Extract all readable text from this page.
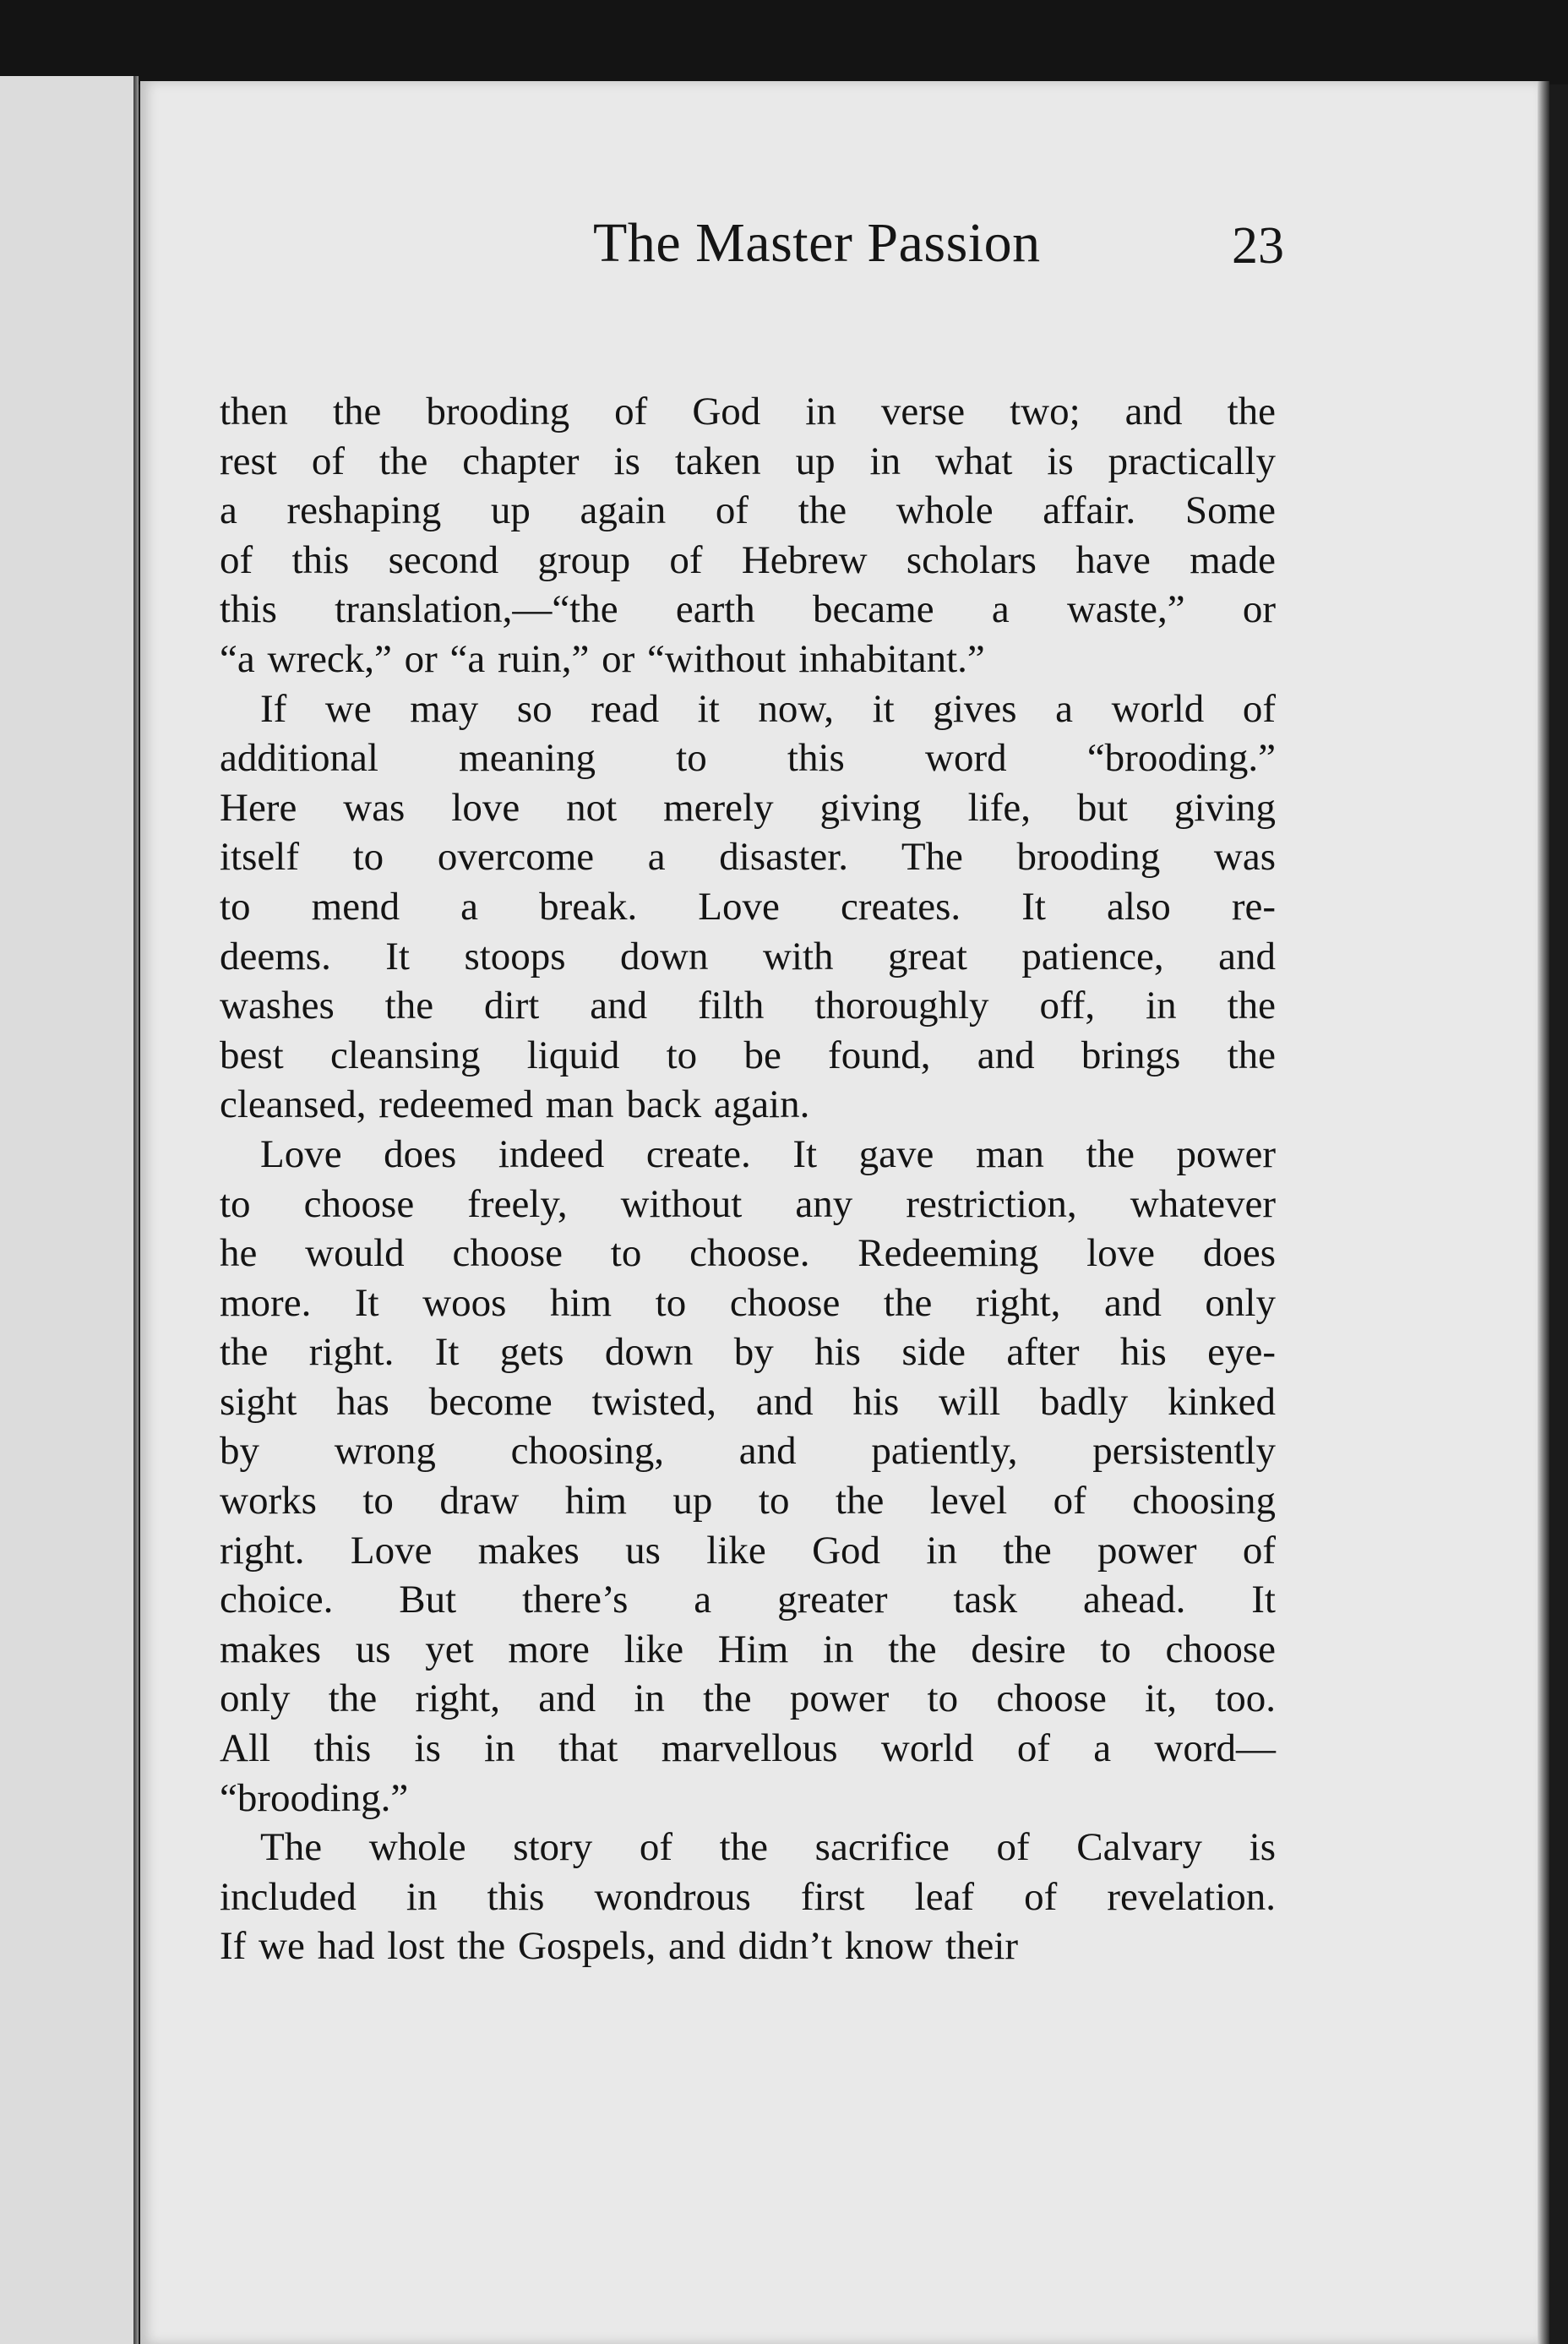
The Master Passion	23

then the brooding of God in verse two; and the
rest of the chapter is taken up in what is practically
a reshaping up again of the whole affair. Some
of this second group of Hebrew scholars have made
this translation,—“the earth became a waste,” or
“a wreck,” or “a ruin,” or “without inhabitant.”

If we may so read it now, it gives a world of
additional meaning to this word “brooding.”
Here was love not merely giving life, but giving
itself to overcome a disaster. The brooding was
to mend a break. Love creates. It also re-
deems. It stoops down with great patience, and
washes the dirt and filth thoroughly off, in the
best cleansing liquid to be found, and brings the
cleansed, redeemed man back again.

Love does indeed create. It gave man the power
to choose freely, without any restriction, whatever
he would choose to choose. Redeeming love does
more. It woos him to choose the right, and only
the right. It gets down by his side after his eye-
sight has become twisted, and his will badly kinked
by wrong choosing, and patiently, persistently
works to draw him up to the level of choosing
right. Love makes us like God in the power of
choice. But there’s a greater task ahead. It
makes us yet more like Him in the desire to choose
only the right, and in the power to choose it, too.
All this is in that marvellous world of a word—
“brooding.”

The whole story of the sacrifice of Calvary is
included in this wondrous first leaf of revelation.
If we had lost the Gospels, and didn’t know their
